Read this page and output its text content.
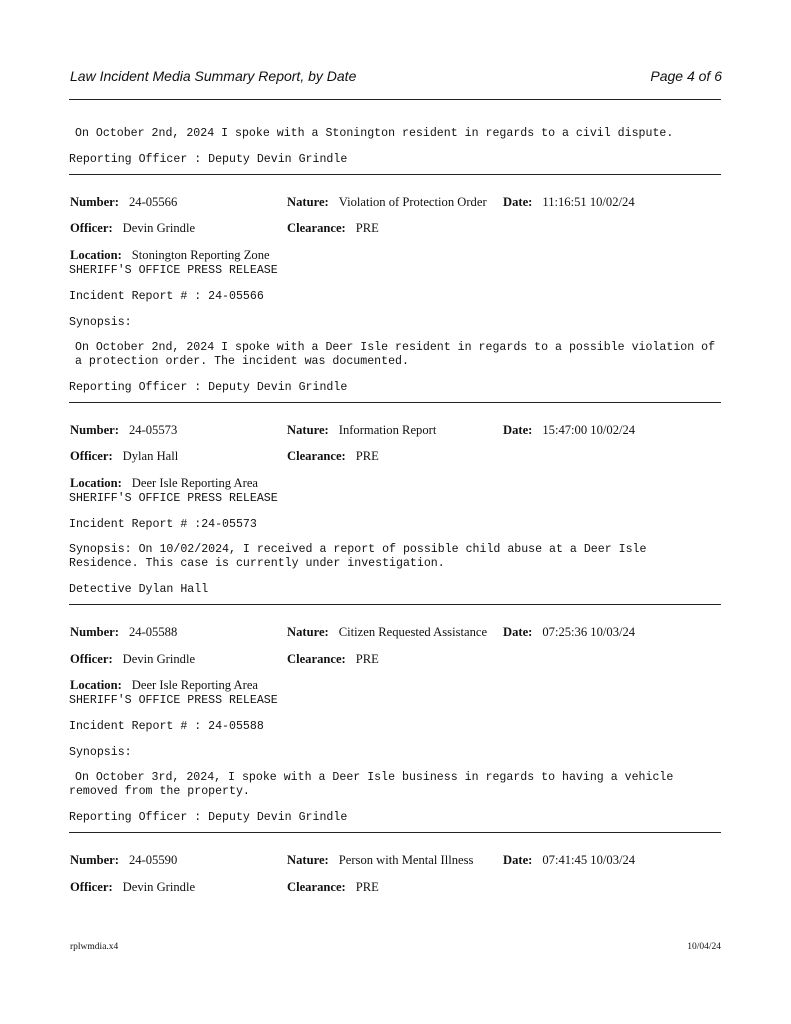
Law Incident Media Summary Report, by Date	Page 4 of 6
On October 2nd, 2024 I spoke with a Stonington resident in regards to a civil dispute.
Reporting Officer : Deputy Devin Grindle
Number: 24-05566	Nature: Violation of Protection Order Date: 11:16:51 10/02/24
Officer: Devin Grindle	Clearance: PRE
Location: Stonington Reporting Zone
SHERIFF'S OFFICE PRESS RELEASE
Incident Report # : 24-05566
Synopsis:
On October 2nd, 2024 I spoke with a Deer Isle resident in regards to a possible violation of
a protection order. The incident was documented.
Reporting Officer : Deputy Devin Grindle
Number: 24-05573	Nature: Information Report	Date: 15:47:00 10/02/24
Officer: Dylan Hall	Clearance: PRE
Location: Deer Isle Reporting Area
SHERIFF'S OFFICE PRESS RELEASE
Incident Report # :24-05573
Synopsis: On 10/02/2024, I received a report of possible child abuse at a Deer Isle
Residence. This case is currently under investigation.
Detective Dylan Hall
Number: 24-05588	Nature: Citizen Requested Assistance Date: 07:25:36 10/03/24
Officer: Devin Grindle	Clearance: PRE
Location: Deer Isle Reporting Area
SHERIFF'S OFFICE PRESS RELEASE
Incident Report # : 24-05588
Synopsis:
On October 3rd, 2024, I spoke with a Deer Isle business in regards to having a vehicle
removed from the property.
Reporting Officer : Deputy Devin Grindle
Number: 24-05590	Nature: Person with Mental Illness Date: 07:41:45 10/03/24
Officer: Devin Grindle	Clearance: PRE
rplwmdia.x4	10/04/24
